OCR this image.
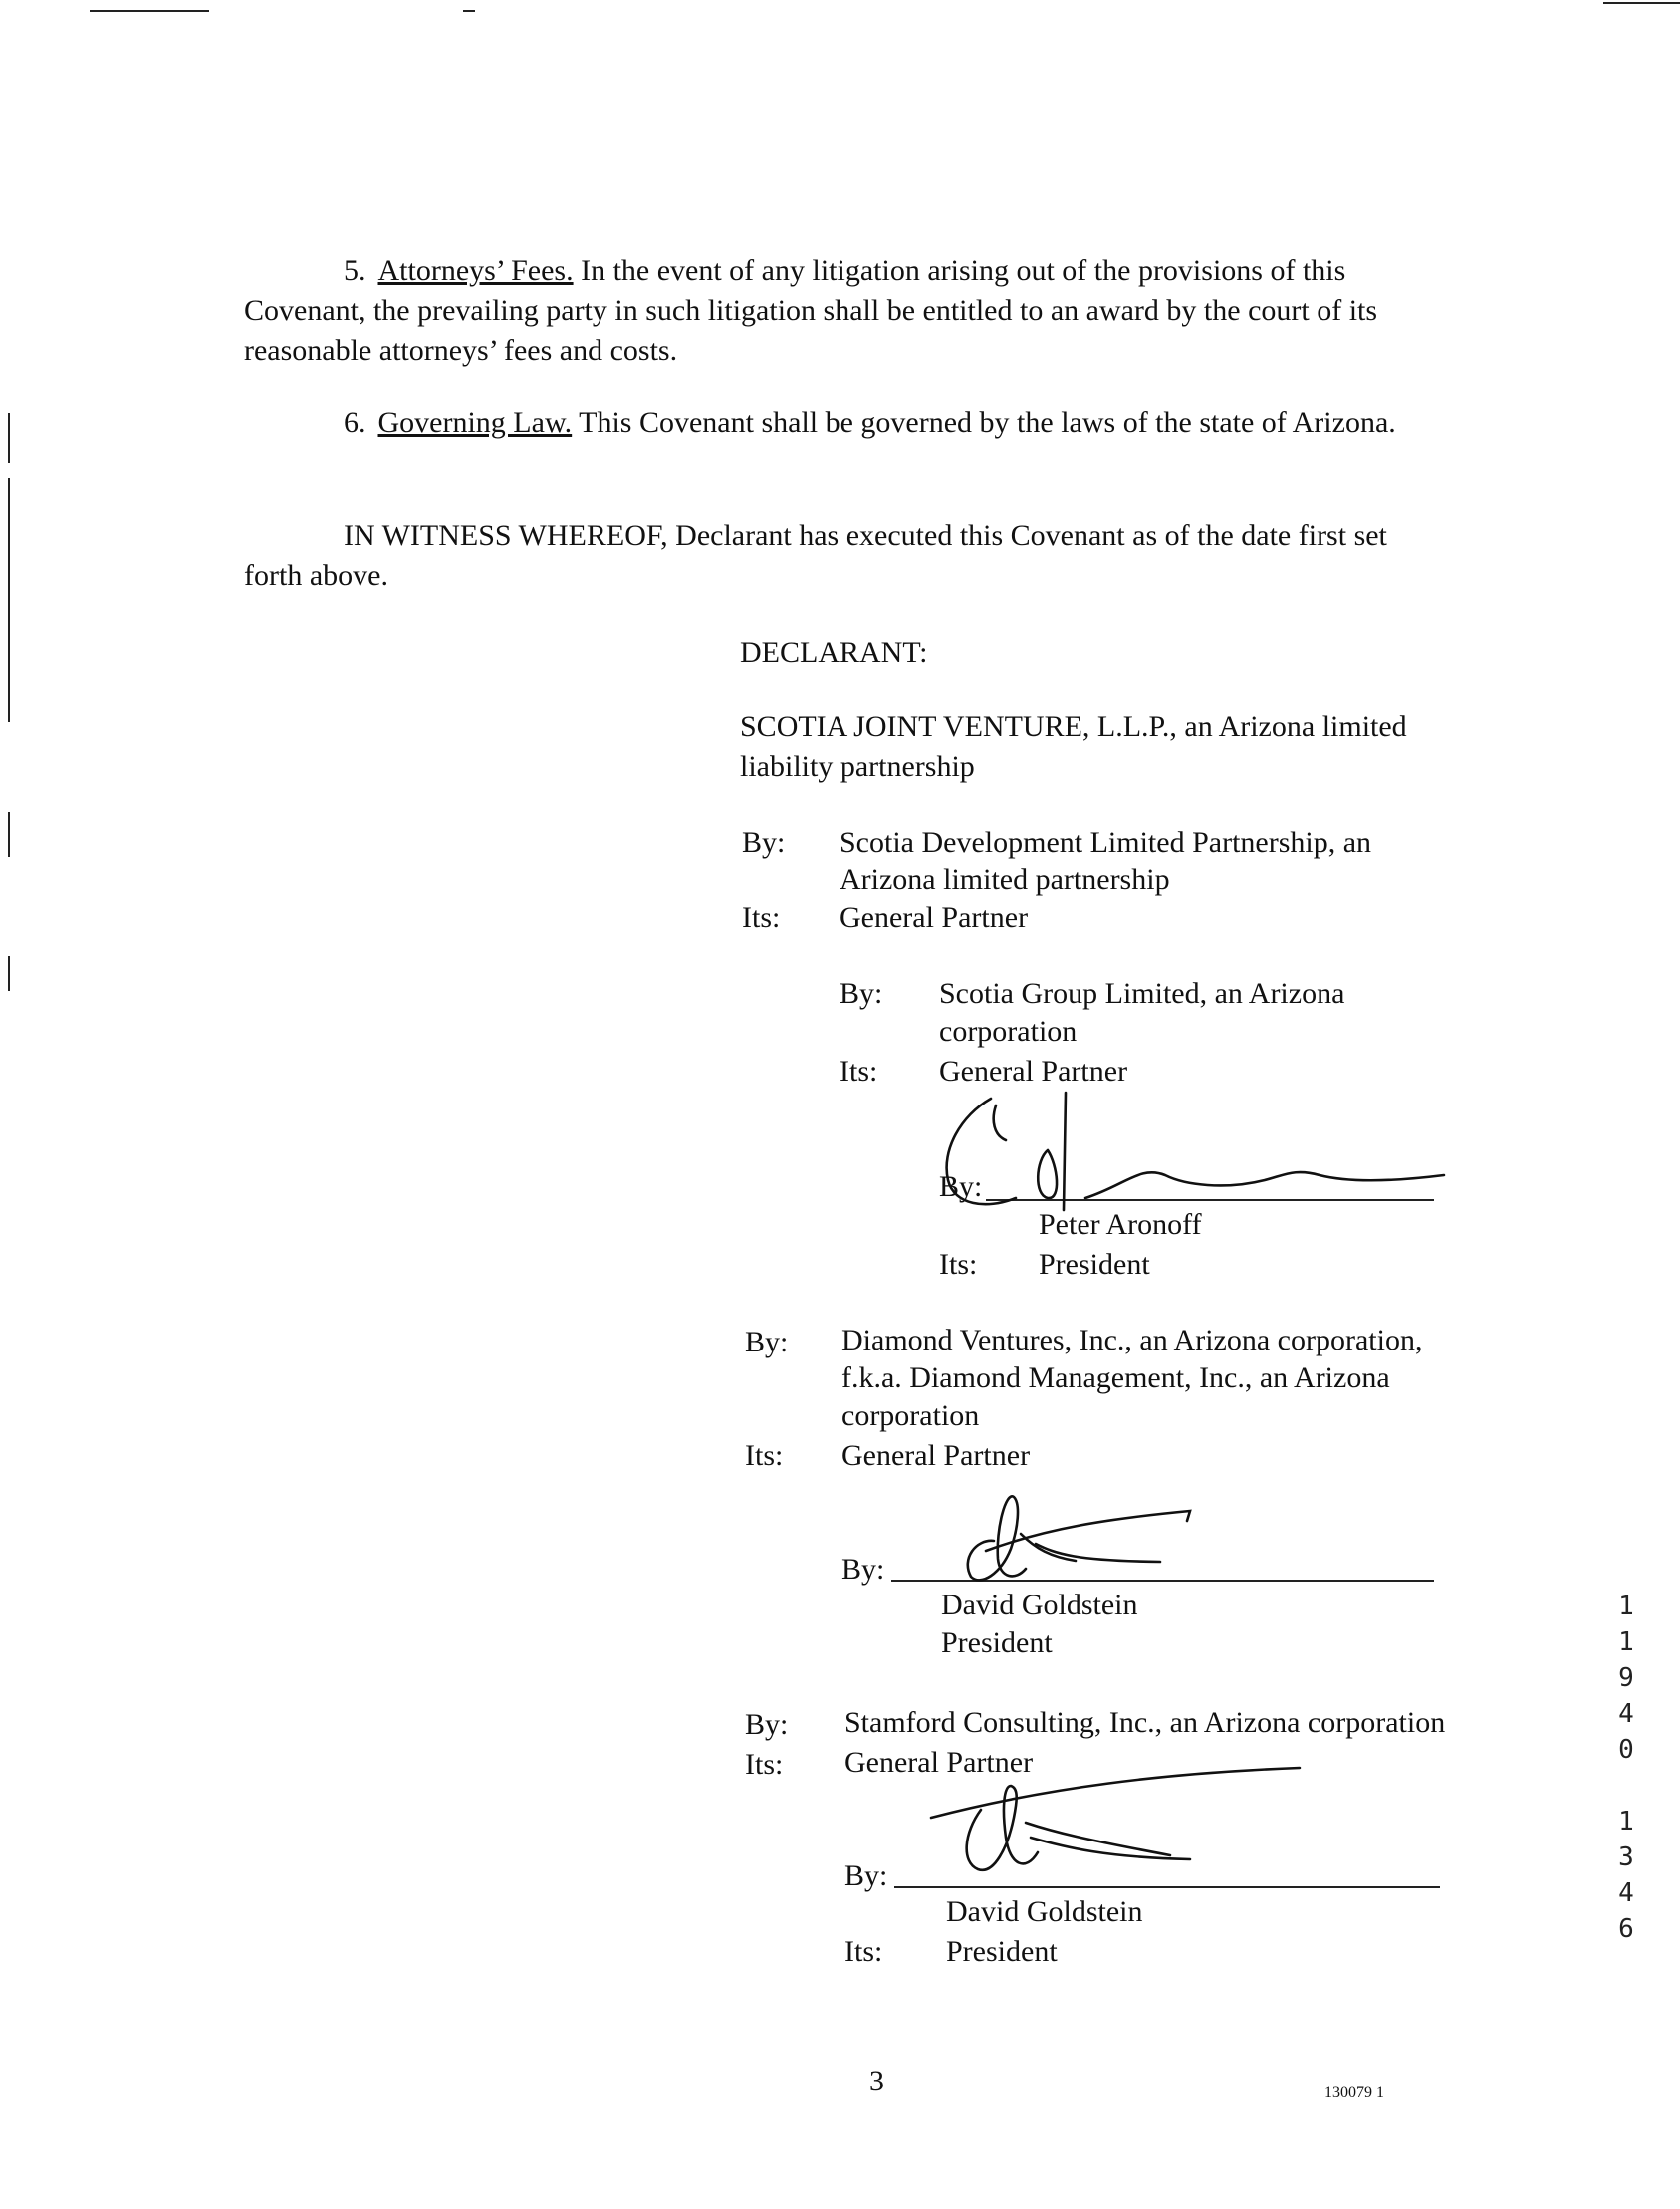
5. Attorneys’ Fees. In the event of any litigation arising out of the provisions of this Covenant, the prevailing party in such litigation shall be entitled to an award by the court of its reasonable attorneys’ fees and costs.
6. Governing Law. This Covenant shall be governed by the laws of the state of Arizona.
IN WITNESS WHEREOF, Declarant has executed this Covenant as of the date first set forth above.
DECLARANT:
SCOTIA JOINT VENTURE, L.L.P., an Arizona limited
liability partnership
By: Scotia Development Limited Partnership, an
Arizona limited partnership
Its: General Partner
By: Scotia Group Limited, an Arizona
corporation
Its: General Partner
By:
Peter Aronoff
Its: President
By: Diamond Ventures, Inc., an Arizona corporation,
f.k.a. Diamond Management, Inc., an Arizona
corporation
Its: General Partner
By:
David Goldstein
President
By: Stamford Consulting, Inc., an Arizona corporation
Its: General Partner
By:
David Goldstein
Its: President
1
1
9
4
0
1
3
4
6
3	130079 1
